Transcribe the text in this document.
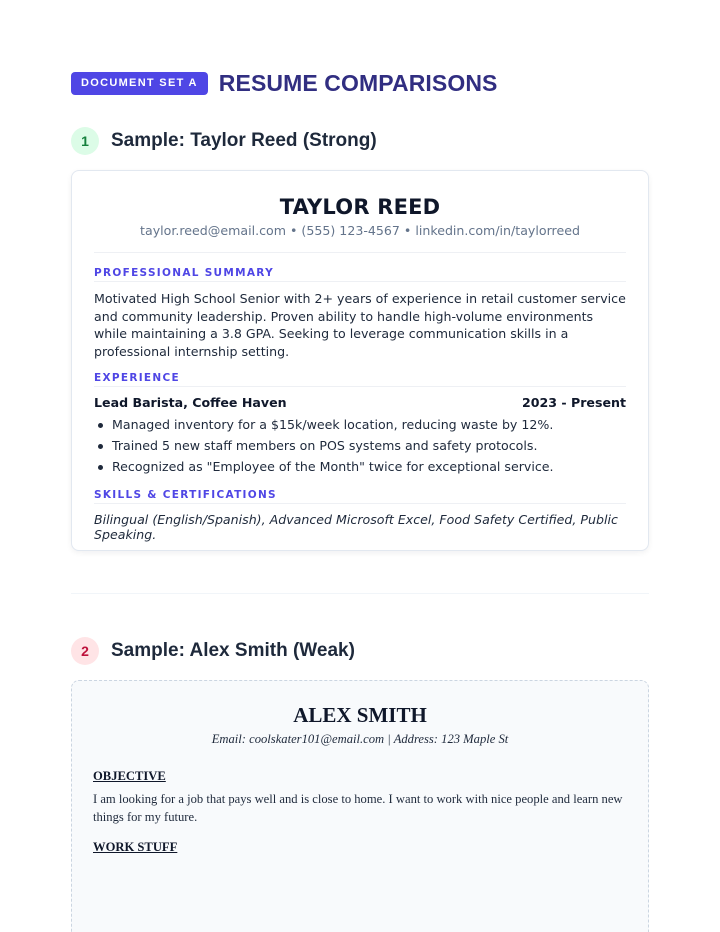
DOCUMENT SET A RESUME COMPARISONS
1	Sample: Taylor Reed (Strong)
TAYLOR REED
taylor.reed@email.com • (555) 123-4567 • linkedin.com/in/taylorreed
PROFESSIONAL SUMMARY

Motivated High School Senior with 2+ years of experience in retail customer service and community leadership. Proven ability to handle high-volume environments while maintaining a 3.8 GPA. Seeking to leverage communication skills in a professional internship setting.

EXPERIENCE
Lead Barista, Coffee Haven	2023 - Present
Managed inventory for a $15k/week location, reducing waste by 12%.
Trained 5 new staff members on POS systems and safety protocols.
Recognized as "Employee of the Month" twice for exceptional service.
SKILLS & CERTIFICATIONS

Bilingual (English/Spanish), Advanced Microsoft Excel, Food Safety Certified, Public Speaking.

2	Sample: Alex Smith (Weak)
ALEX SMITH
Email: coolskater101@email.com | Address: 123 Maple St
OBJECTIVE

I am looking for a job that pays well and is close to home. I want to work with nice people and learn new things for my future.

WORK STUFF
